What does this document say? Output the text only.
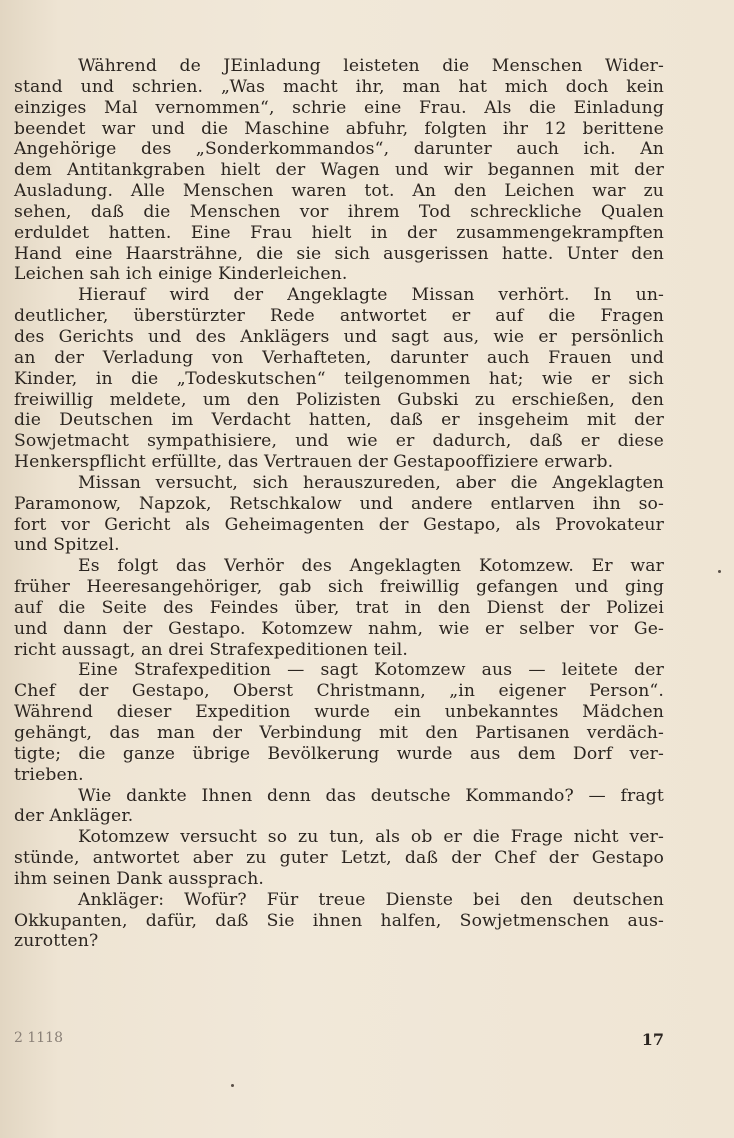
Während de JEinladung leisteten die Menschen Wider-
stand und schrien. „Was macht ihr, man hat mich doch kein
einziges Mal vernommen“, schrie eine Frau. Als die Einladung
beendet war und die Maschine abfuhr, folgten ihr 12 berittene
Angehörige des „Sonderkommandos“, darunter auch ich. An
dem Antitankgraben hielt der Wagen und wir begannen mit der
Ausladung. Alle Menschen waren tot. An den Leichen war zu
sehen, daß die Menschen vor ihrem Tod schreckliche Qualen
erduldet hatten. Eine Frau hielt in der zusammengekrampften
Hand eine Haarsträhne, die sie sich ausgerissen hatte. Unter den
Leichen sah ich einige Kinderleichen.

Hierauf wird der Angeklagte Missan verhört. In un-
deutlicher, überstürzter Rede antwortet er auf die Fragen
des Gerichts und des Anklägers und sagt aus, wie er persönlich
an der Verladung von Verhafteten, darunter auch Frauen und
Kinder, in die „Todeskutschen“ teilgenommen hat; wie er sich
freiwillig meldete, um den Polizisten Gubski zu erschießen, den
die Deutschen im Verdacht hatten, daß er insgeheim mit der
Sowjetmacht sympathisiere, und wie er dadurch, daß er diese
Henkerspflicht erfüllte, das Vertrauen der Gestapooffiziere erwarb.

Missan versucht, sich herauszureden, aber die Angeklagten
Paramonow, Napzok, Retschkalow und andere entlarven ihn so-
fort vor Gericht als Geheimagenten der Gestapo, als Provokateur
und Spitzel.

Es folgt das Verhör des Angeklagten Kotomzew. Er war
früher Heeresangehöriger, gab sich freiwillig gefangen und ging
auf die Seite des Feindes über, trat in den Dienst der Polizei
und dann der Gestapo. Kotomzew nahm, wie er selber vor Ge-
richt aussagt, an drei Strafexpeditionen teil.

Eine Strafexpedition — sagt Kotomzew aus — leitete der
Chef der Gestapo, Oberst Christmann, „in eigener Person“.
Während dieser Expedition wurde ein unbekanntes Mädchen
gehängt, das man der Verbindung mit den Partisanen verdäch-
tigte; die ganze übrige Bevölkerung wurde aus dem Dorf ver-
trieben.

Wie dankte Ihnen denn das deutsche Kommando? — fragt
der Ankläger.

Kotomzew versucht so zu tun, als ob er die Frage nicht ver-
stünde, antwortet aber zu guter Letzt, daß der Chef der Gestapo
ihm seinen Dank aussprach.

Ankläger: Wofür? Für treue Dienste bei den deutschen
Okkupanten, dafür, daß Sie ihnen halfen, Sowjetmenschen aus-
zurotten?

2 1118	17
